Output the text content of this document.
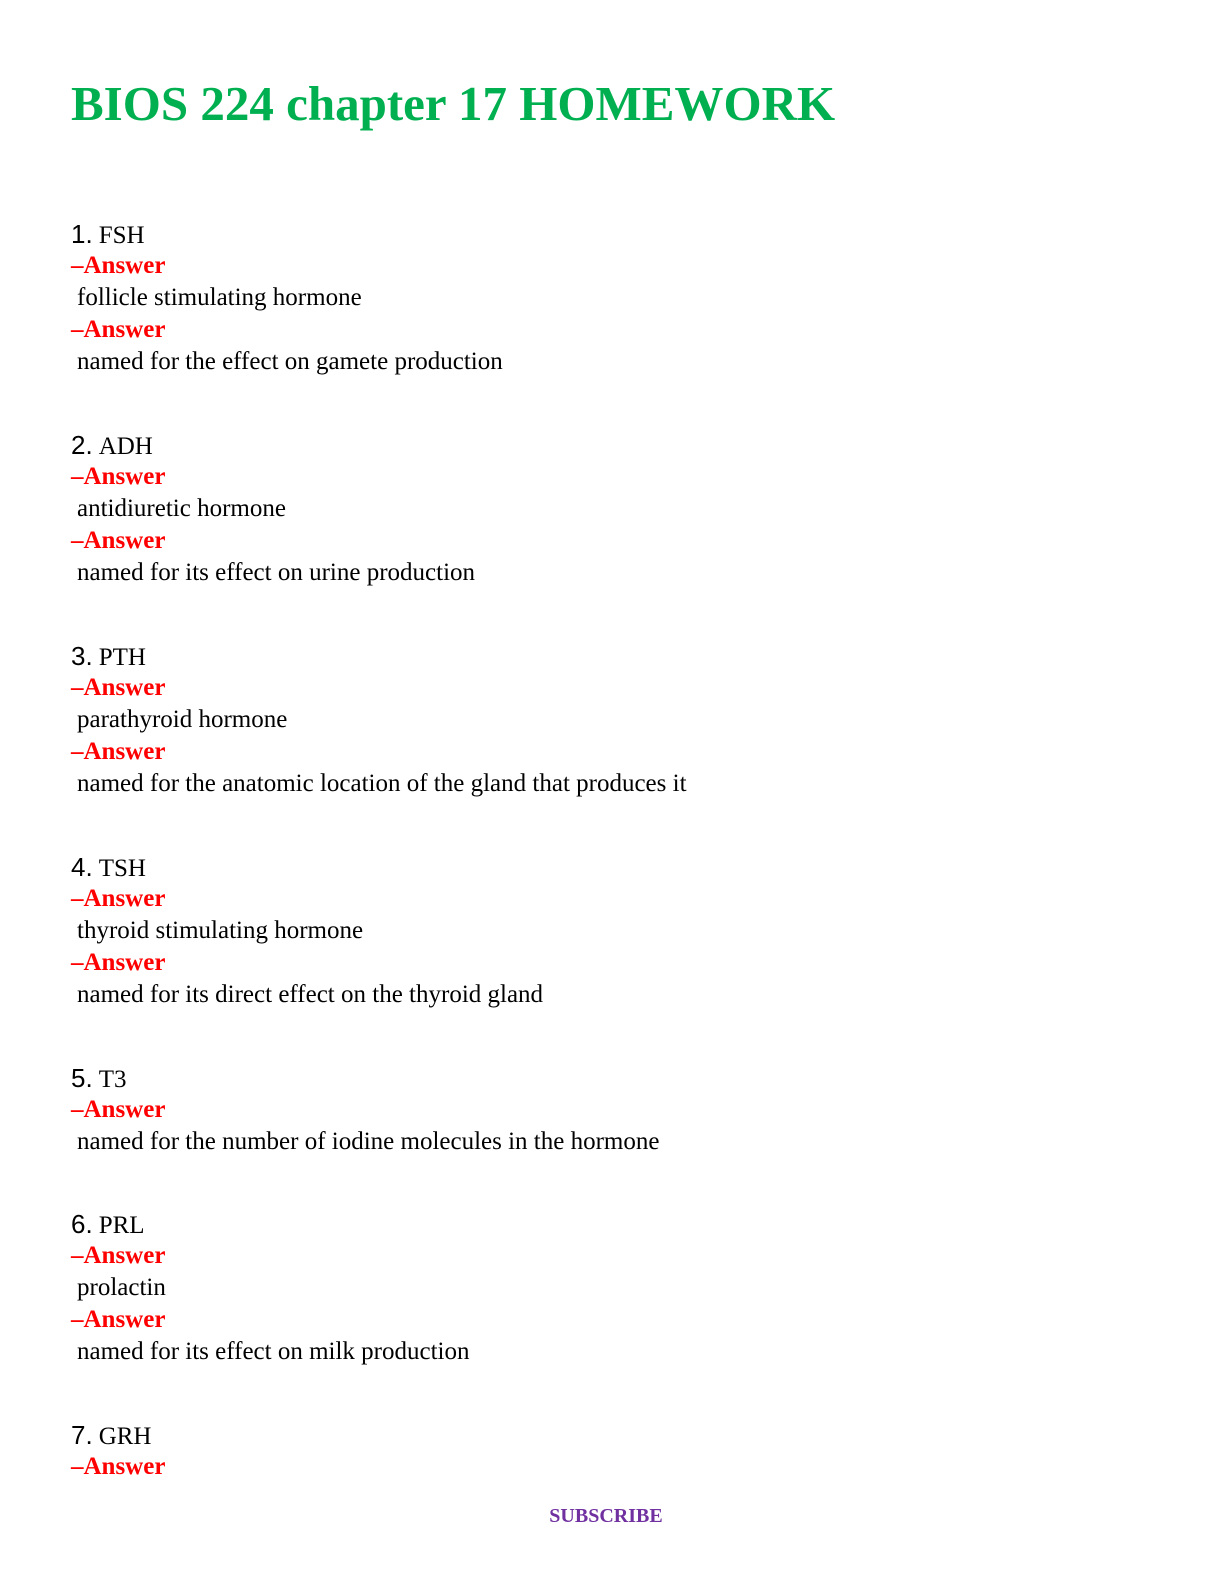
BIOS 224 chapter 17 HOMEWORK
1. FSH
–Answer
follicle stimulating hormone
–Answer
named for the effect on gamete production
2. ADH
–Answer
antidiuretic hormone
–Answer
named for its effect on urine production
3. PTH
–Answer
parathyroid hormone
–Answer
named for the anatomic location of the gland that produces it
4. TSH
–Answer
thyroid stimulating hormone
–Answer
named for its direct effect on the thyroid gland
5. T3
–Answer
named for the number of iodine molecules in the hormone
6. PRL
–Answer
prolactin
–Answer
named for its effect on milk production
7. GRH
–Answer
SUBSCRIBE
